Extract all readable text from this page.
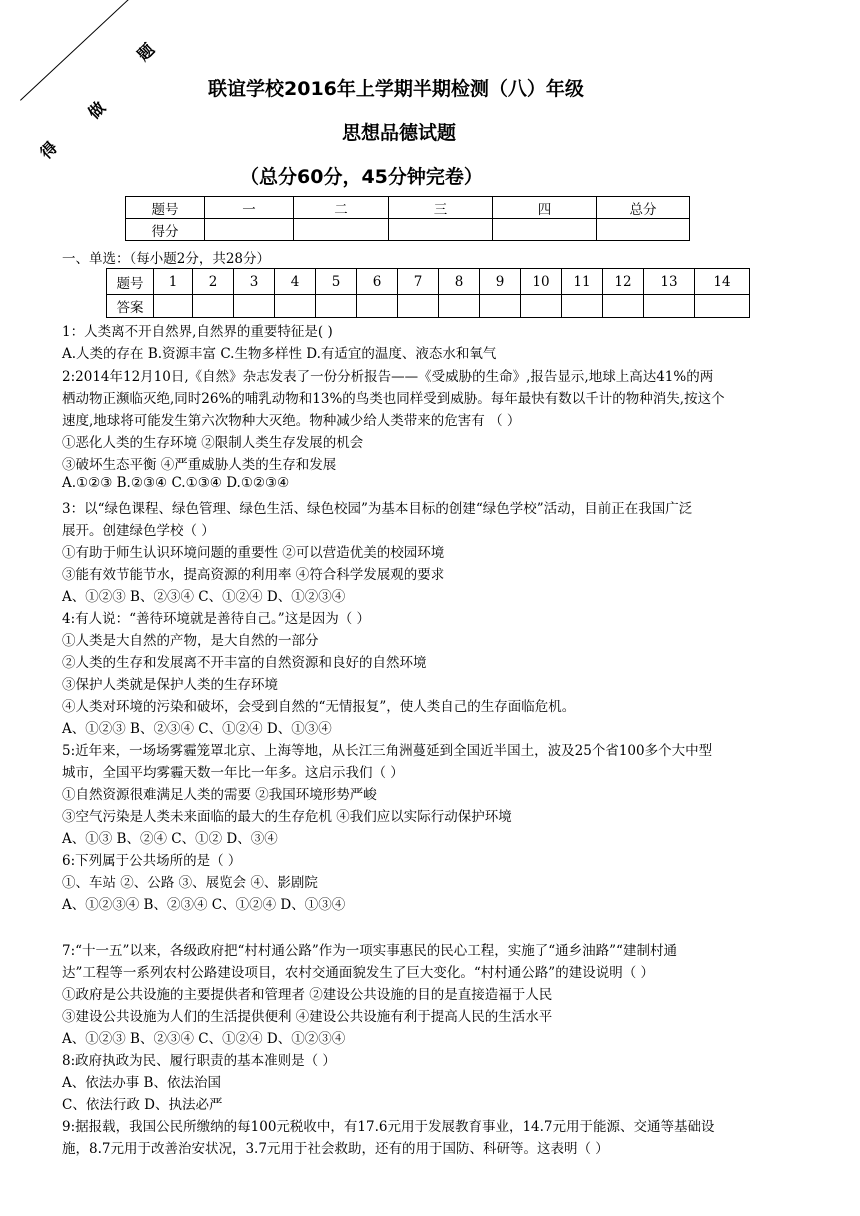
得
做
题
联谊学校2016年上学期半期检测（八）年级
思想品德试题
（总分60分，45分钟完卷）
题号	一	二	三	四	总分
得分					
一、单选：（每小题2分，共28分）
题号	1	2	3	4	5	6	7	8	9	10	11	12	13	14
答案														
1：人类离不开自然界,自然界的重要特征是( )
A.人类的存在 B.资源丰富 C.生物多样性 D.有适宜的温度、液态水和氧气
2:2014年12月10日,《自然》杂志发表了一份分析报告——《受威胁的生命》,报告显示,地球上高达41%的两
栖动物正濒临灭绝,同时26%的哺乳动物和13%的鸟类也同样受到威胁。每年最快有数以千计的物种消失,按这个
速度,地球将可能发生第六次物种大灭绝。物种减少给人类带来的危害有 （ ）
①恶化人类的生存环境 ②限制人类生存发展的机会
③破坏生态平衡 ④严重威胁人类的生存和发展
A.①②③ B.②③④ C.①③④ D.①②③④
3：以“绿色课程、绿色管理、绿色生活、绿色校园”为基本目标的创建“绿色学校”活动，目前正在我国广泛
展开。创建绿色学校（ ）
①有助于师生认识环境问题的重要性 ②可以营造优美的校园环境
③能有效节能节水，提高资源的利用率 ④符合科学发展观的要求
A、①②③ B、②③④ C、①②④ D、①②③④
4:有人说：“善待环境就是善待自己。”这是因为（ ）
①人类是大自然的产物，是大自然的一部分
②人类的生存和发展离不开丰富的自然资源和良好的自然环境
③保护人类就是保护人类的生存环境
④人类对环境的污染和破坏，会受到自然的“无情报复”，使人类自己的生存面临危机。
A、①②③ B、②③④ C、①②④ D、①③④
5:近年来，一场场雾霾笼罩北京、上海等地，从长江三角洲蔓延到全国近半国土，波及25个省100多个大中型
城市，全国平均雾霾天数一年比一年多。这启示我们（ ）
①自然资源很难满足人类的需要 ②我国环境形势严峻
③空气污染是人类未来面临的最大的生存危机 ④我们应以实际行动保护环境
A、①③ B、②④ C、①② D、③④
6:下列属于公共场所的是（ ）
①、车站 ②、公路 ③、展览会 ④、影剧院
A、①②③④ B、②③④ C、①②④ D、①③④
7:“十一五”以来，各级政府把“村村通公路”作为一项实事惠民的民心工程，实施了“通乡油路”“建制村通
达”工程等一系列农村公路建设项目，农村交通面貌发生了巨大变化。“村村通公路”的建设说明（ ）
①政府是公共设施的主要提供者和管理者 ②建设公共设施的目的是直接造福于人民
③建设公共设施为人们的生活提供便利 ④建设公共设施有利于提高人民的生活水平
A、①②③ B、②③④ C、①②④ D、①②③④
8:政府执政为民、履行职责的基本准则是（ ）
A、依法办事 B、依法治国
C、依法行政 D、执法必严
9:据报载，我国公民所缴纳的每100元税收中，有17.6元用于发展教育事业，14.7元用于能源、交通等基础设
施，8.7元用于改善治安状况，3.7元用于社会救助，还有的用于国防、科研等。这表明（ ）
